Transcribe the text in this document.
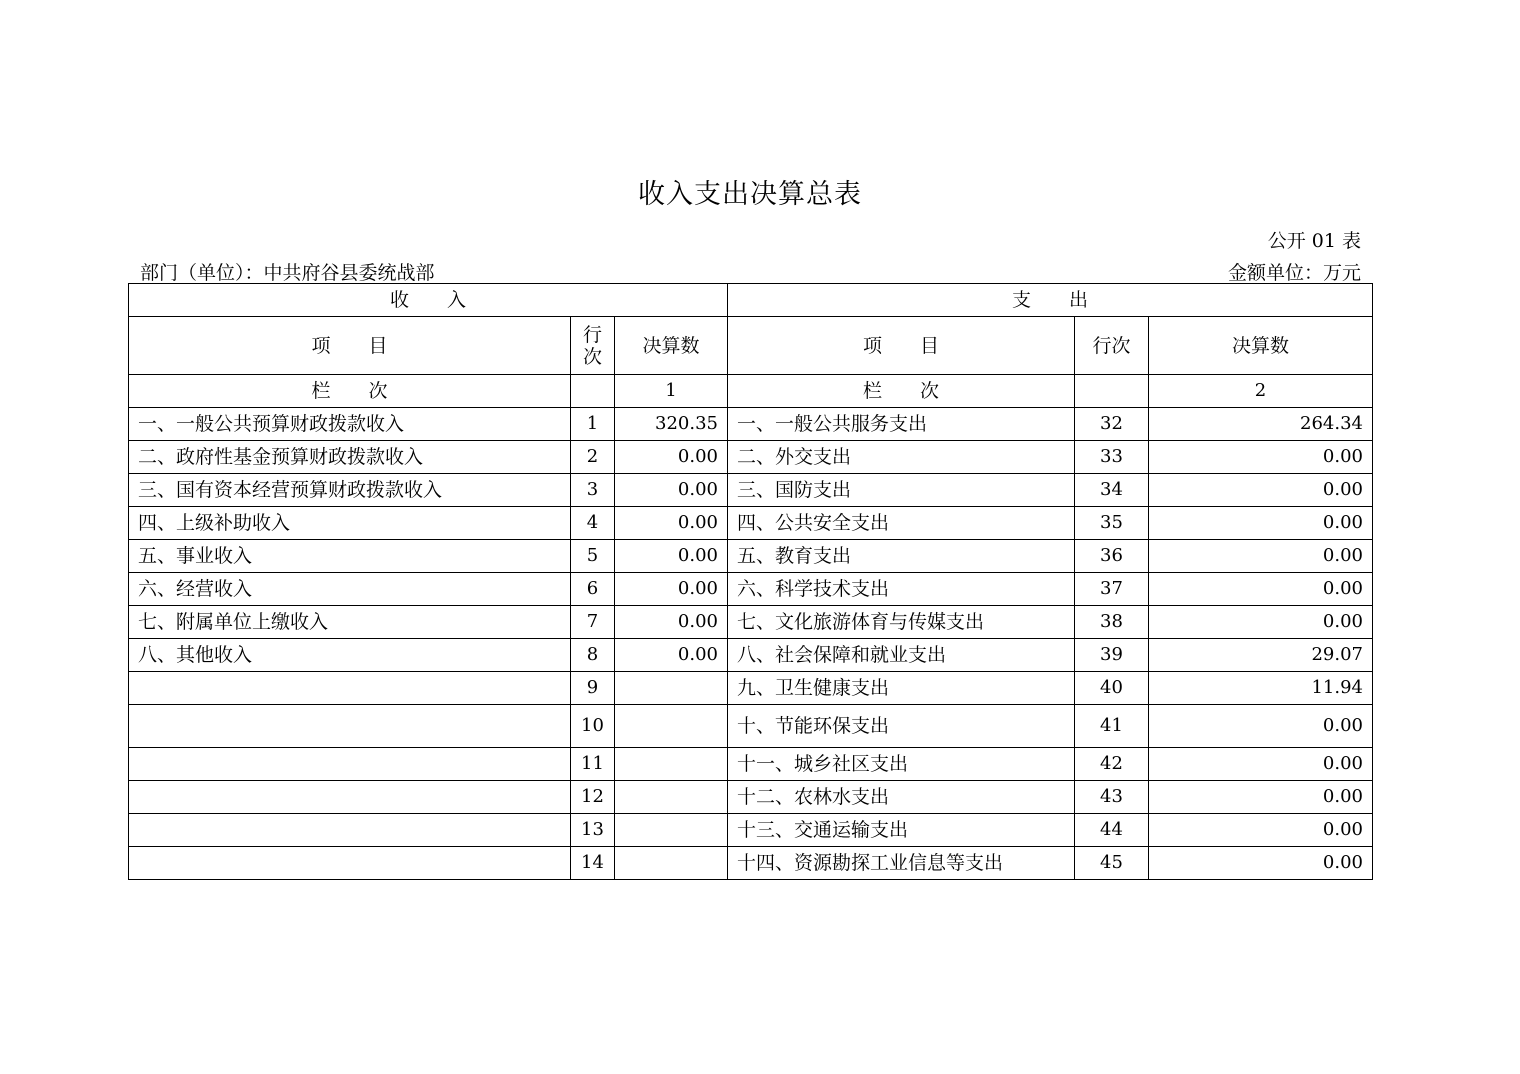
收入支出决算总表
公开 01 表
部门（单位）：中共府谷县委统战部	金额单位：万元
收　　入			支　　出		
项　　目	行次	决算数	项　　目	行次	决算数
栏　　次		1	栏　　次		2
一、一般公共预算财政拨款收入	1	320.35	一、一般公共服务支出	32	264.34
二、政府性基金预算财政拨款收入	2	0.00	二、外交支出	33	0.00
三、国有资本经营预算财政拨款收入	3	0.00	三、国防支出	34	0.00
四、上级补助收入	4	0.00	四、公共安全支出	35	0.00
五、事业收入	5	0.00	五、教育支出	36	0.00
六、经营收入	6	0.00	六、科学技术支出	37	0.00
七、附属单位上缴收入	7	0.00	七、文化旅游体育与传媒支出	38	0.00
八、其他收入	8	0.00	八、社会保障和就业支出	39	29.07
	9		九、卫生健康支出	40	11.94
	10		十、节能环保支出	41	0.00
	11		十一、城乡社区支出	42	0.00
	12		十二、农林水支出	43	0.00
	13		十三、交通运输支出	44	0.00
	14		十四、资源勘探工业信息等支出	45	0.00
